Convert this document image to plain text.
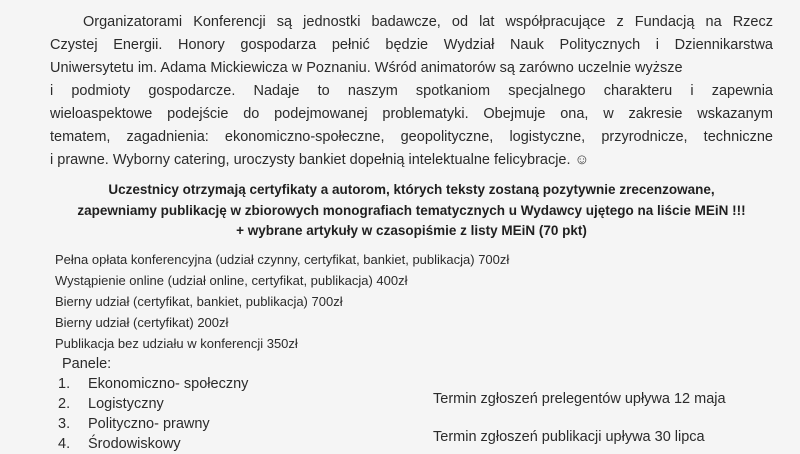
Organizatorami Konferencji są jednostki badawcze, od lat współpracujące z Fundacją na Rzecz
Czystej Energii. Honory gospodarza pełnić będzie Wydział Nauk Politycznych i Dziennikarstwa
Uniwersytetu im. Adama Mickiewicza w Poznaniu. Wśród animatorów są zarówno uczelnie wyższe
i podmioty gospodarcze. Nadaje to naszym spotkaniom specjalnego charakteru i zapewnia
wieloaspektowe podejście do podejmowanej problematyki. Obejmuje ona, w zakresie wskazanym
tematem, zagadnienia: ekonomiczno-społeczne, geopolityczne, logistyczne, przyrodnicze, techniczne
i prawne. Wyborny catering, uroczysty bankiet dopełnią intelektualne felicybracje. ☺
Uczestnicy otrzymają certyfikaty a autorom, których teksty zostaną pozytywnie zrecenzowane,
zapewniamy publikację w zbiorowych monografiach tematycznych u Wydawcy ujętego na liście MEiN !!!
+ wybrane artykuły w czasopiśmie z listy MEiN (70 pkt)
Pełna opłata konferencyjna (udział czynny, certyfikat, bankiet, publikacja) 700zł
Wystąpienie online (udział online, certyfikat, publikacja) 400zł
Bierny udział (certyfikat, bankiet, publikacja) 700zł
Bierny udział (certyfikat) 200zł
Publikacja bez udziału w konferencji 350zł
Panele:
1.	Ekonomiczno- społeczny
2.	Logistyczny	Termin zgłoszeń prelegentów upływa 12 maja
3.	Polityczno- prawny
4.	Środowiskowy	Termin zgłoszeń publikacji upływa 30 lipca
